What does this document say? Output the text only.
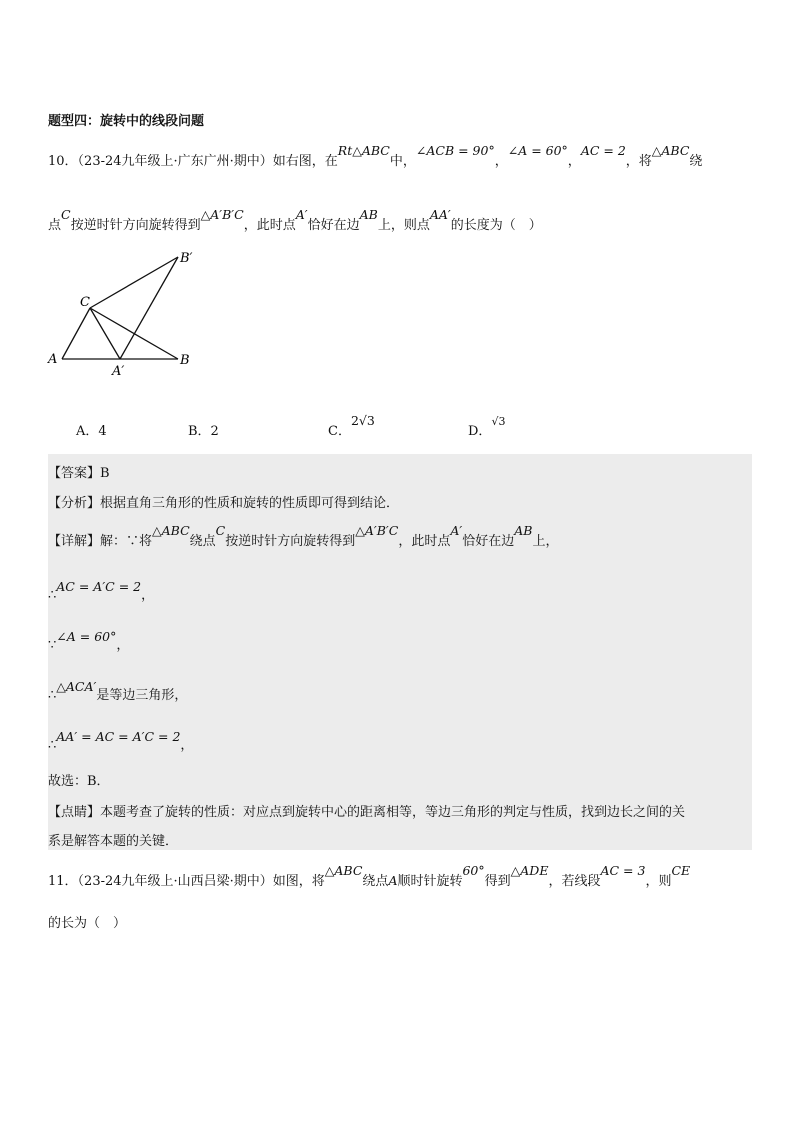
题型四：旋转中的线段问题
10．（23-24九年级上·广东广州·期中）如右图，在Rt△ABC中，∠ACB = 90°，∠A = 60°，AC = 2，将△ABC绕
点C按逆时针方向旋转得到△A′B′C，此时点A′恰好在边AB上，则点AA′的长度为（　）
A	B
C
A′
B′
A．4	B．2	C．2√3
D．$^{√3}$
【答案】B
【分析】根据直角三角形的性质和旋转的性质即可得到结论．
【详解】解：∵将△ABC绕点C按逆时针方向旋转得到△A′B′C，此时点A′恰好在边AB上，
∴AC = A′C = 2，
∵∠A = 60°，
∴△ACA′是等边三角形，
∴AA′ = AC = A′C = 2，
故选：B．
【点睛】本题考查了旋转的性质：对应点到旋转中心的距离相等，等边三角形的判定与性质，找到边长之间的关
系是解答本题的关键．
11．（23-24九年级上·山西吕梁·期中）如图，将△ABC绕点A顺时针旋转60°得到△ADE，若线段AC = 3，则CE
的长为（　）
